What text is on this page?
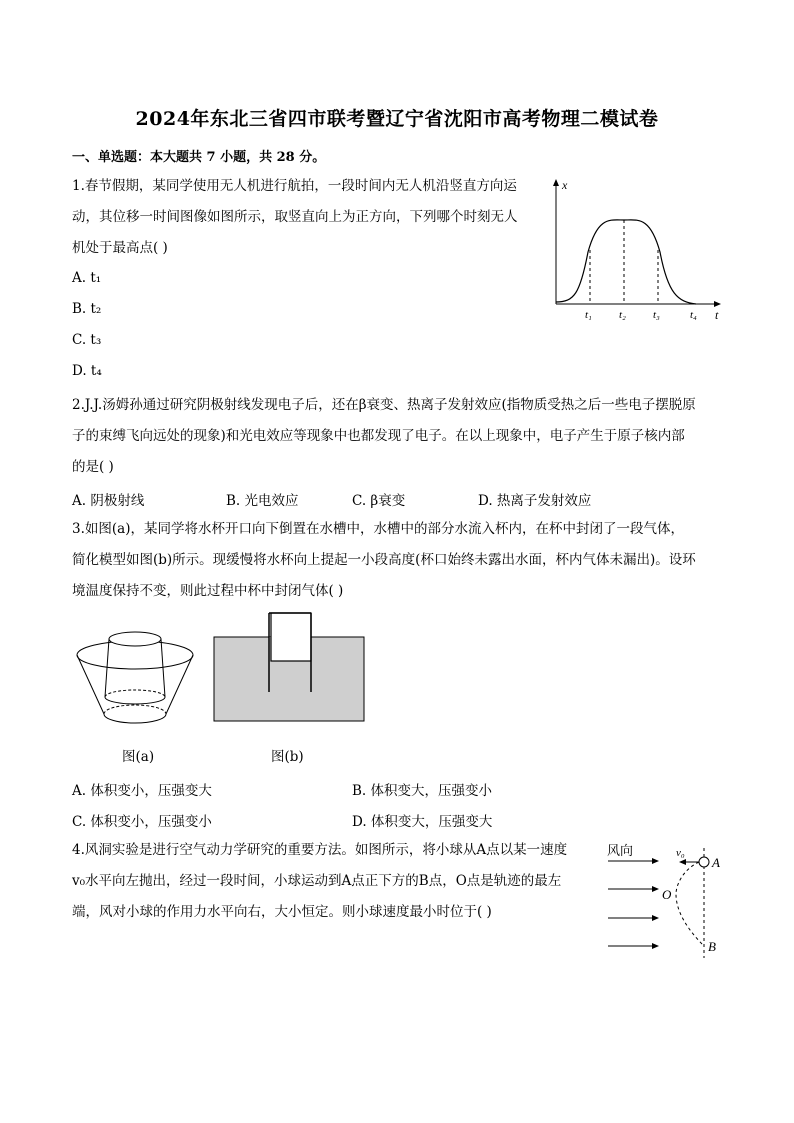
2024年东北三省四市联考暨辽宁省沈阳市高考物理二模试卷
一、单选题：本大题共 7 小题，共 28 分。
1.春节假期，某同学使用无人机进行航拍，一段时间内无人机沿竖直方向运
动，其位移一时间图像如图所示，取竖直向上为正方向，下列哪个时刻无人
机处于最高点( )
A. t₁
B. t₂
C. t₃
D. t₄
x
t
t₁ t₂ t₃	t₄
2.J.J.汤姆孙通过研究阴极射线发现电子后，还在β衰变、热离子发射效应(指物质受热之后一些电子摆脱原
子的束缚飞向远处的现象)和光电效应等现象中也都发现了电子。在以上现象中，电子产生于原子核内部
的是( )
A. 阴极射线	B. 光电效应	C. β衰变	D. 热离子发射效应
3.如图(a)，某同学将水杯开口向下倒置在水槽中，水槽中的部分水流入杯内，在杯中封闭了一段气体，
简化模型如图(b)所示。现缓慢将水杯向上提起一小段高度(杯口始终未露出水面，杯内气体未漏出)。设环
境温度保持不变，则此过程中杯中封闭气体( )
图(a)	图(b)
A. 体积变小，压强变大	B. 体积变大，压强变小
C. 体积变小，压强变小	D. 体积变大，压强变大
4.风洞实验是进行空气动力学研究的重要方法。如图所示，将小球从A点以某一速度
v₀水平向左抛出，经过一段时间，小球运动到A点正下方的B点，O点是轨迹的最左
端，风对小球的作用力水平向右，大小恒定。则小球速度最小时位于( )
风向	v₀
A
O
B
